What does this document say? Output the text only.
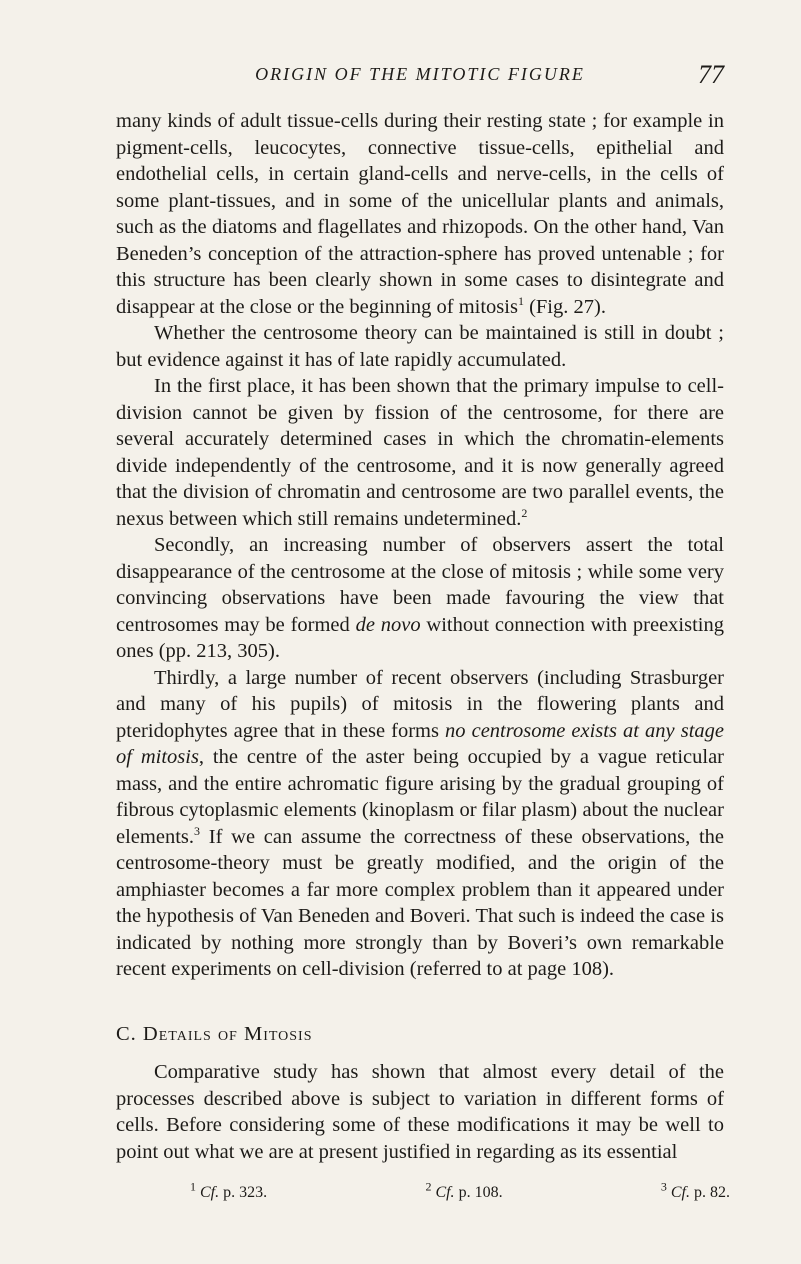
ORIGIN OF THE MITOTIC FIGURE	77

many kinds of adult tissue-cells during their resting state ; for example in pigment-cells, leucocytes, connective tissue-cells, epithelial and endothelial cells, in certain gland-cells and nerve-cells, in the cells of some plant-tissues, and in some of the unicellular plants and animals, such as the diatoms and flagellates and rhizopods. On the other hand, Van Beneden’s conception of the attraction-sphere has proved untenable ; for this structure has been clearly shown in some cases to disintegrate and disappear at the close or the beginning of mitosis$^1$ (Fig. 27).

Whether the centrosome theory can be maintained is still in doubt ; but evidence against it has of late rapidly accumulated.

In the first place, it has been shown that the primary impulse to cell-division cannot be given by fission of the centrosome, for there are several accurately determined cases in which the chromatin-elements divide independently of the centrosome, and it is now generally agreed that the division of chromatin and centrosome are two parallel events, the nexus between which still remains undetermined.$^2$

Secondly, an increasing number of observers assert the total disappearance of the centrosome at the close of mitosis ; while some very convincing observations have been made favouring the view that centrosomes may be formed de novo without connection with preexisting ones (pp. 213, 305).

Thirdly, a large number of recent observers (including Strasburger and many of his pupils) of mitosis in the flowering plants and pteridophytes agree that in these forms no centrosome exists at any stage of mitosis, the centre of the aster being occupied by a vague reticular mass, and the entire achromatic figure arising by the gradual grouping of fibrous cytoplasmic elements (kinoplasm or filar plasm) about the nuclear elements.$^3$ If we can assume the correctness of these observations, the centrosome-theory must be greatly modified, and the origin of the amphiaster becomes a far more complex problem than it appeared under the hypothesis of Van Beneden and Boveri. That such is indeed the case is indicated by nothing more strongly than by Boveri’s own remarkable recent experiments on cell-division (referred to at page 108).

C. Details of Mitosis

Comparative study has shown that almost every detail of the processes described above is subject to variation in different forms of cells. Before considering some of these modifications it may be well to point out what we are at present justified in regarding as its essential

$^1$ Cf. p. 323.	$^2$ Cf. p. 108.	$^3$ Cf. p. 82.
